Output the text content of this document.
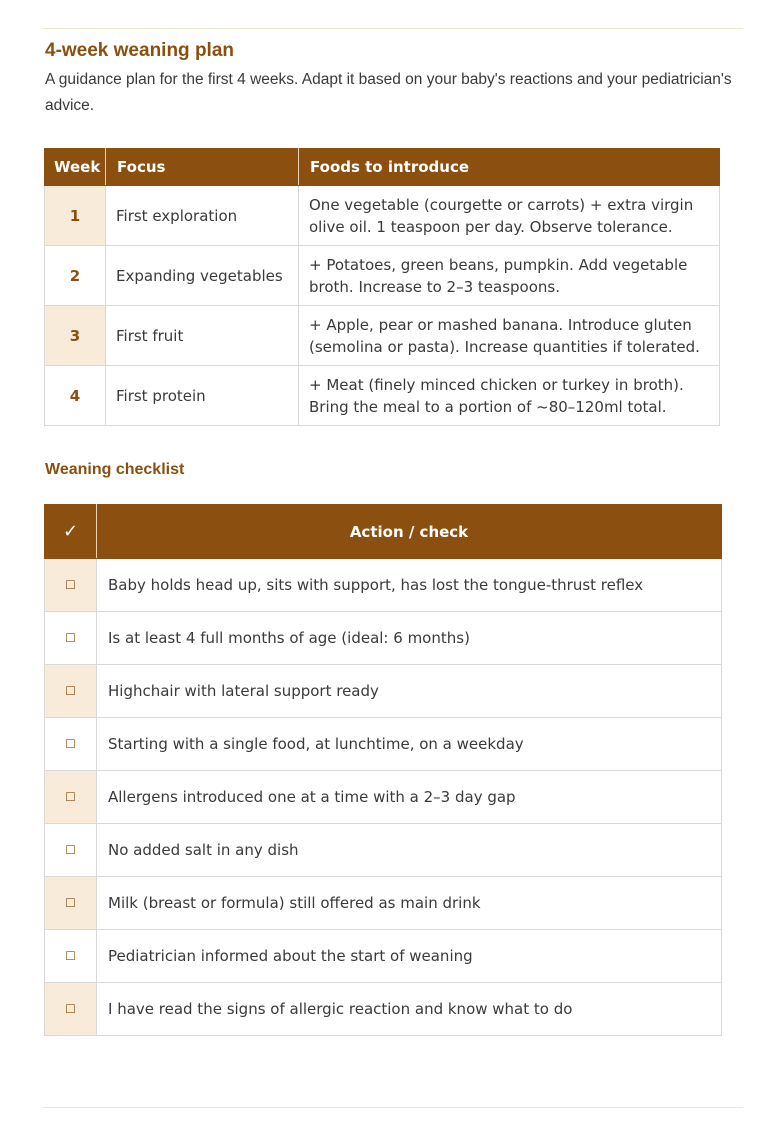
4-week weaning plan

A guidance plan for the first 4 weeks. Adapt it based on your baby's reactions and your pediatrician's advice.

Week	Focus	Foods to introduce
1	First exploration	One vegetable (courgette or carrots) + extra virgin olive oil. 1 teaspoon per day. Observe tolerance.
2	Expanding vegetables	+ Potatoes, green beans, pumpkin. Add vegetable broth. Increase to 2–3 teaspoons.
3	First fruit	+ Apple, pear or mashed banana. Introduce gluten (semolina or pasta). Increase quantities if tolerated.
4	First protein	+ Meat (finely minced chicken or turkey in broth). Bring the meal to a portion of ~80–120ml total.
Weaning checklist
✓	Action / check
☐	Baby holds head up, sits with support, has lost the tongue-thrust reflex
☐	Is at least 4 full months of age (ideal: 6 months)
☐	Highchair with lateral support ready
☐	Starting with a single food, at lunchtime, on a weekday
☐	Allergens introduced one at a time with a 2–3 day gap
☐	No added salt in any dish
☐	Milk (breast or formula) still offered as main drink
☐	Pediatrician informed about the start of weaning
☐	I have read the signs of allergic reaction and know what to do
